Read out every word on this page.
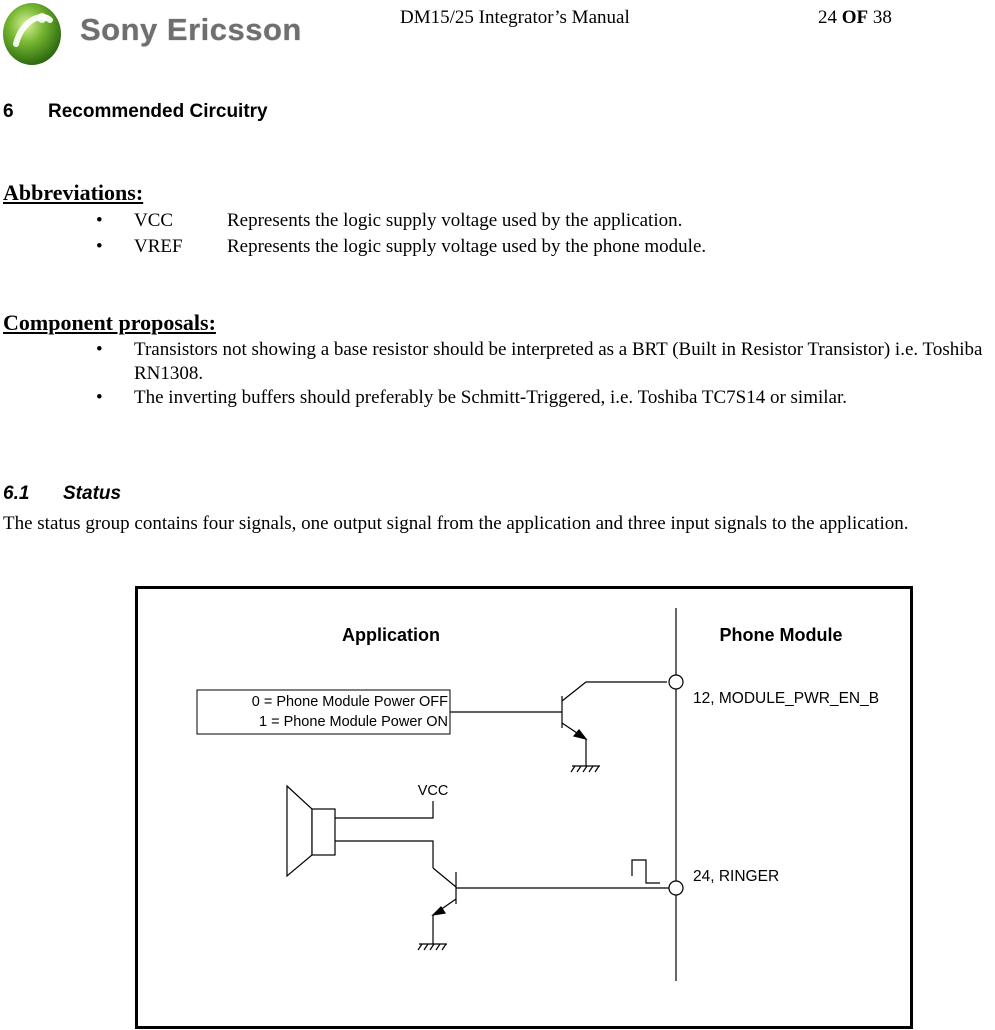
Sony Ericsson	DM15/25 Integrator’s Manual	24 OF 38
6 Recommended Circuitry
Abbreviations:
• VCC	Represents the logic supply voltage used by the application.
• VREF Represents the logic supply voltage used by the phone module.
Component proposals:
• Transistors not showing a base resistor should be interpreted as a BRT (Built in Resistor Transistor) i.e. Toshiba RN1308.
• The inverting buffers should preferably be Schmitt-Triggered, i.e. Toshiba TC7S14 or similar.
6.1 Status
The status group contains four signals, one output signal from the application and three input signals to the application.
Application	Phone Module
0 = Phone Module Power OFF
1 = Phone Module Power ON
12, MODULE_PWR_EN_B
VCC
24, RINGER
